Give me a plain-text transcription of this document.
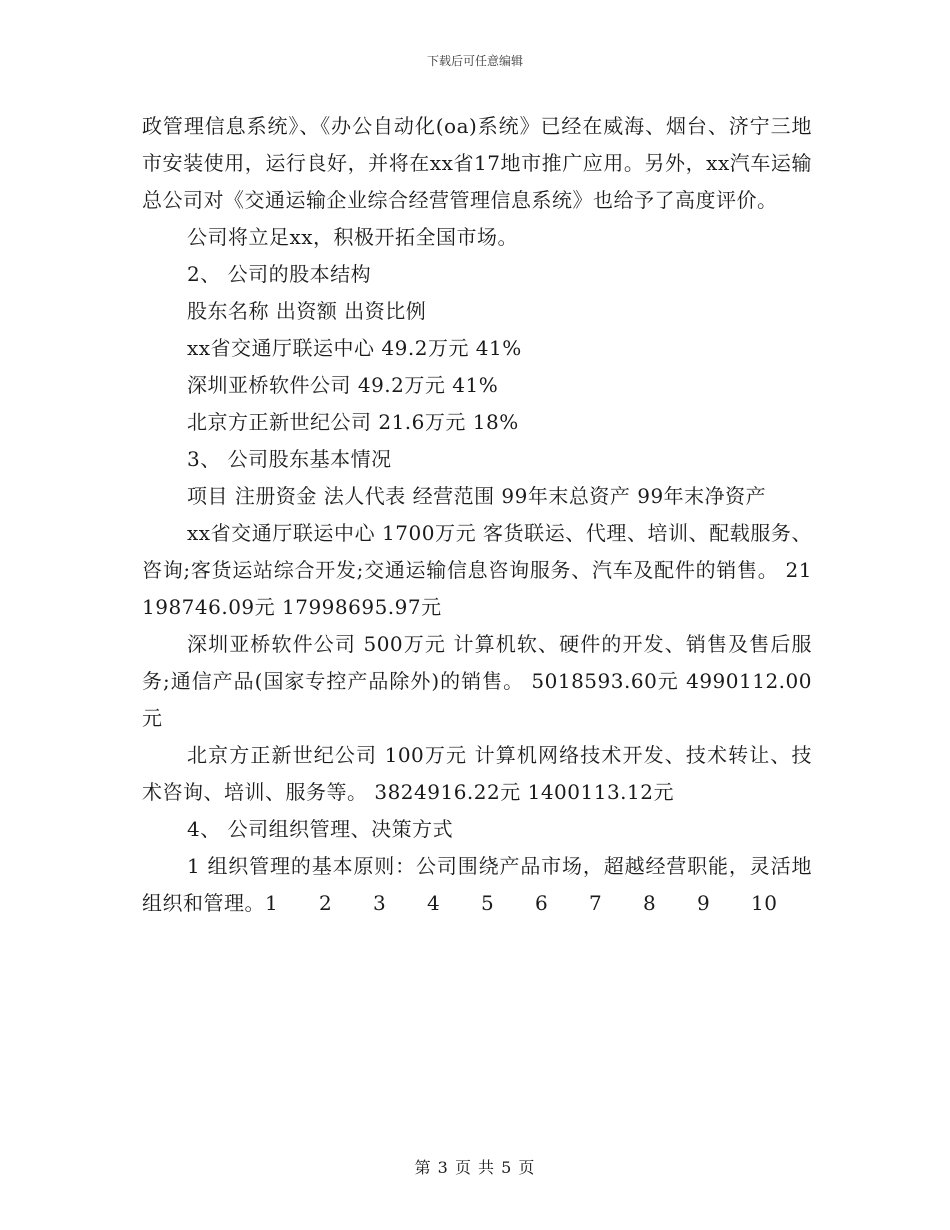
下载后可任意编辑

政管理信息系统》、《办公自动化(oa)系统》已经在威海、烟台、济宁三地市安装使用，运行良好，并将在xx省17地市推广应用。另外，xx汽车运输总公司对《交通运输企业综合经营管理信息系统》也给予了高度评价。

公司将立足xx，积极开拓全国市场。

2、 公司的股本结构

股东名称 出资额 出资比例

xx省交通厅联运中心 49.2万元 41%

深圳亚桥软件公司 49.2万元 41%

北京方正新世纪公司 21.6万元 18%

3、 公司股东基本情况

项目 注册资金 法人代表 经营范围 99年末总资产 99年末净资产

xx省交通厅联运中心 1700万元 客货联运、代理、培训、配载服务、咨询;客货运站综合开发;交通运输信息咨询服务、汽车及配件的销售。 21198746.09元 17998695.97元

深圳亚桥软件公司 500万元 计算机软、硬件的开发、销售及售后服务;通信产品(国家专控产品除外)的销售。 5018593.60元 4990112.00元

北京方正新世纪公司 100万元 计算机网络技术开发、技术转让、技术咨询、培训、服务等。 3824916.22元 1400113.12元

4、 公司组织管理、决策方式

1 组织管理的基本原则：公司围绕产品市场，超越经营职能，灵活地组织和管理。1 2 3 4 5 6 7 8 9 10

第 3 页 共 5 页
